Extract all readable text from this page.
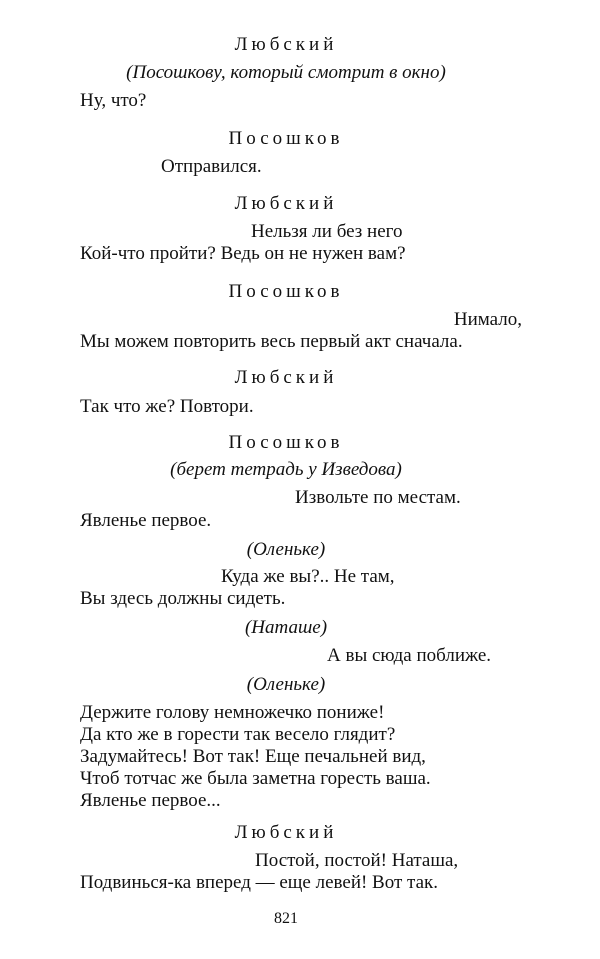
Любский
(Посошкову, который смотрит в окно)
Ну, что?
Посошков
Отправился.
Любский
Нельзя ли без него
Кой-что пройти? Ведь он не нужен вам?
Посошков
Нимало,
Мы можем повторить весь первый акт сначала.
Любский
Так что же? Повтори.
Посошков
(берет тетрадь у Изведова)
Извольте по местам.
Явленье первое.
(Оленьке)
Куда же вы?.. Не там,
Вы здесь должны сидеть.
(Наташе)
А вы сюда поближе.
(Оленьке)
Держите голову немножечко пониже!
Да кто же в горести так весело глядит?
Задумайтесь! Вот так! Еще печальней вид,
Чтоб тотчас же была заметна горесть ваша.
Явленье первое...
Любский
Постой, постой! Наташа,
Подвинься-ка вперед — еще левей! Вот так.
821
